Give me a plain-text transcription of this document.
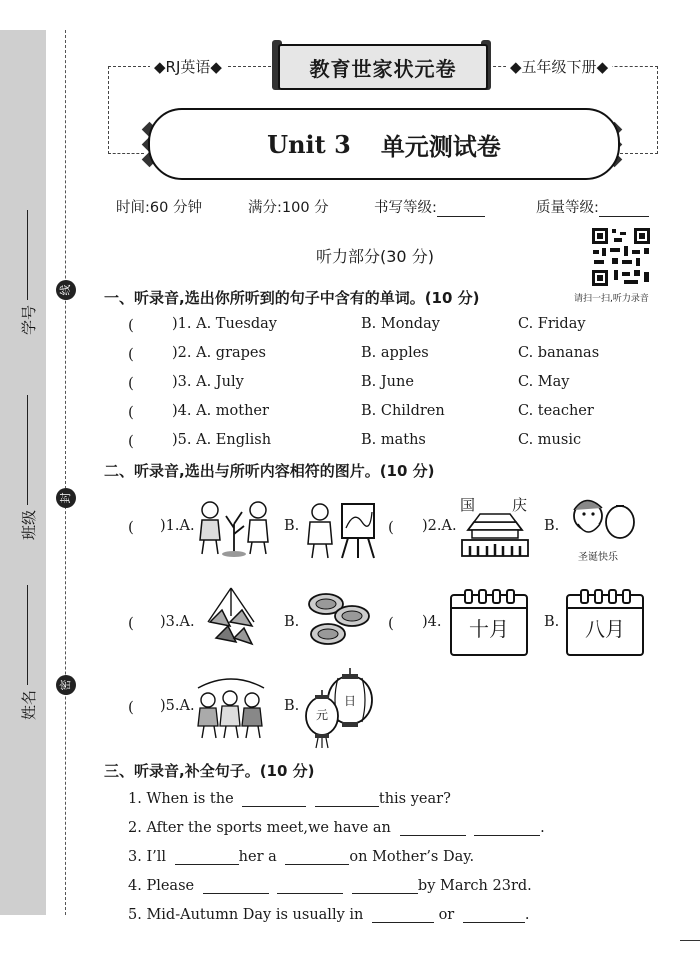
学号
班级
姓名
线
封
密
◆RJ英语◆	◆五年级下册◆
教育世家状元卷
Unit 3 单元测试卷
时间:60 分钟	满分:100 分	书写等级:	质量等级:
听力部分(30 分)
请扫一扫,听力录音
一、听录音,选出你所听到的句子中含有的单词。(10 分)
(	)1. A. Tuesday	B. Monday	C. Friday
(	)2. A. grapes	B. apples	C. bananas
(	)3. A. July	B. June	C. May
(	)4. A. mother	B. Children	C. teacher
(	)5. A. English	B. maths	C. music
二、听录音,选出与所听内容相符的图片。(10 分)
( )1.A.	B.	( )2.A.
国 庆
B.
圣诞快乐
( )3.A.	B.	( )4.	十月	B.	八月
( )5.A.	B.
元
日
三、听录音,补全句子。(10 分)
1. When is the	this year?
2. After the sports meet,we have an	.
3. I’ll	her a	on Mother’s Day.
4. Please	by March 23rd.
5. Mid-Autumn Day is usually in	or	.
